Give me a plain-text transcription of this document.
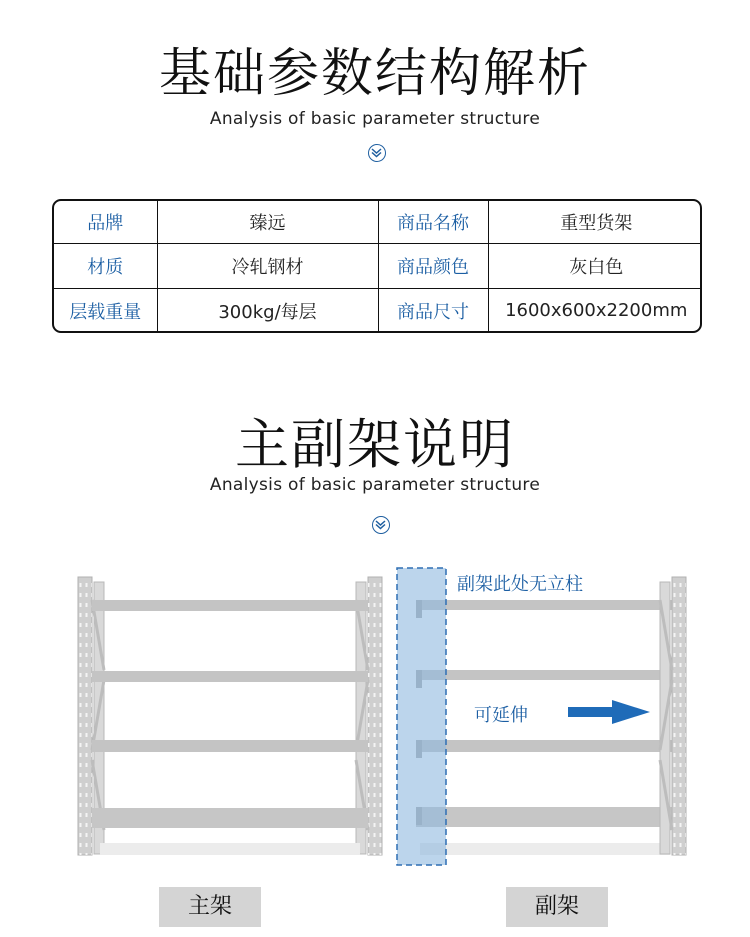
基础参数结构解析
Analysis of basic parameter structure
品牌	臻远	商品名称	重型货架
材质	冷轧钢材	商品颜色	灰白色
层载重量	300kg/每层	商品尺寸	1600x600x2200mm
主副架说明
Analysis of basic parameter structure
副架此处无立柱
可延伸
主架	副架
